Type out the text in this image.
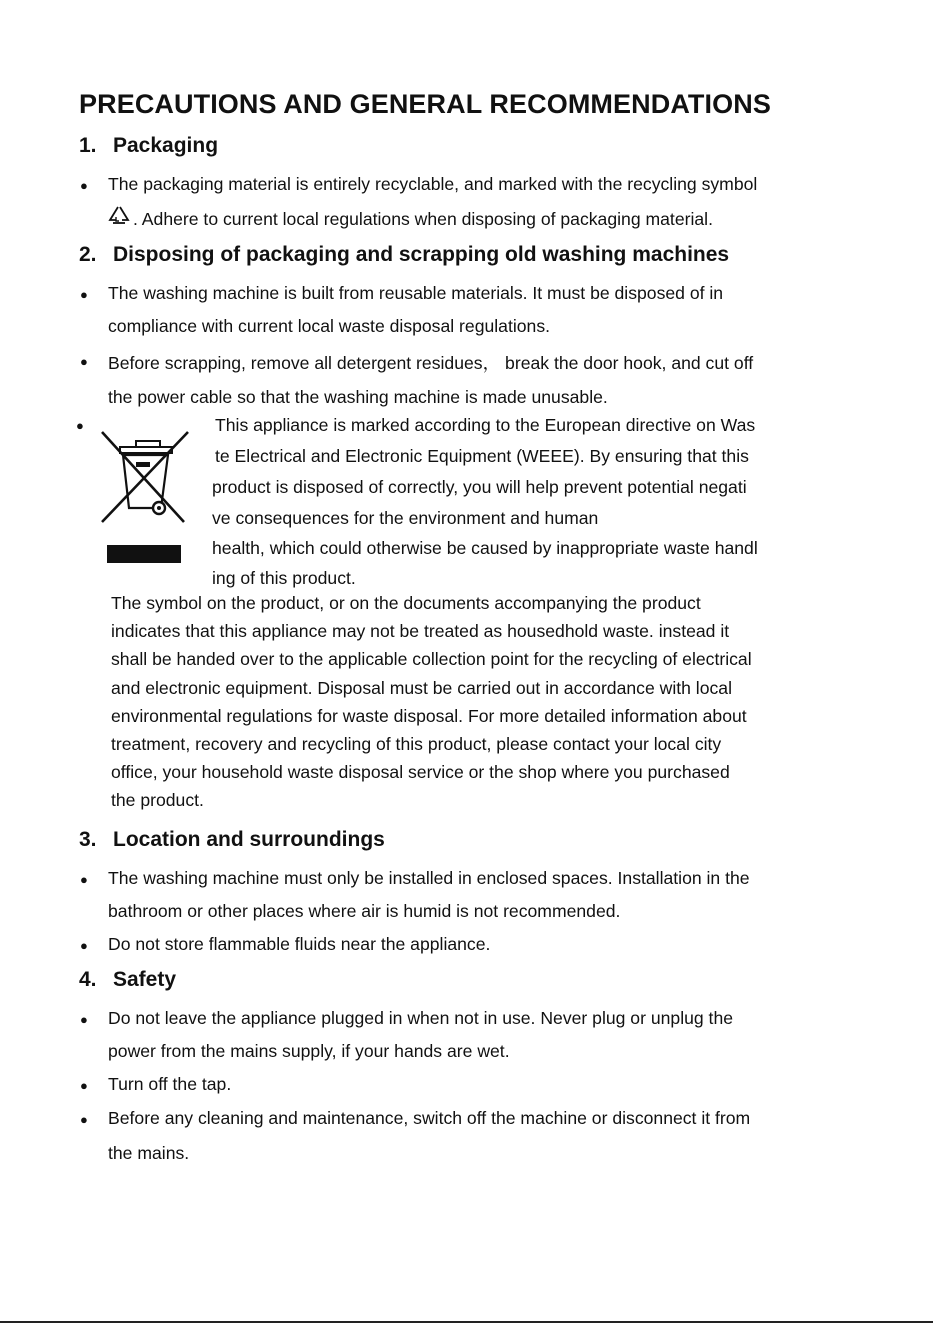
PRECAUTIONS AND GENERAL RECOMMENDATIONS
1. Packaging
● The packaging material is entirely recyclable, and marked with the recycling symbol
. Adhere to current local regulations when disposing of packaging material.
2. Disposing of packaging and scrapping old washing machines
● The washing machine is built from reusable materials. It must be disposed of in
compliance with current local waste disposal regulations.
● Before scrapping, remove all detergent residues， break the door hook, and cut off
the power cable so that the washing machine is made unusable.
●	This appliance is marked according to the European directive on Was
te Electrical and Electronic Equipment (WEEE). By ensuring that this
product is disposed of correctly, you will help prevent potential negati
ve consequences for the environment and human
health, which could otherwise be caused by inappropriate waste handl
ing of this product.
The symbol on the product, or on the documents accompanying the product
indicates that this appliance may not be treated as housedhold waste. instead it
shall be handed over to the applicable collection point for the recycling of electrical
and electronic equipment. Disposal must be carried out in accordance with local
environmental regulations for waste disposal. For more detailed information about
treatment, recovery and recycling of this product, please contact your local city
office, your household waste disposal service or the shop where you purchased
the product.
3. Location and surroundings
● The washing machine must only be installed in enclosed spaces. Installation in the
bathroom or other places where air is humid is not recommended.
● Do not store flammable fluids near the appliance.
4. Safety
● Do not leave the appliance plugged in when not in use. Never plug or unplug the
power from the mains supply, if your hands are wet.
● Turn off the tap.
● Before any cleaning and maintenance, switch off the machine or disconnect it from
the mains.
